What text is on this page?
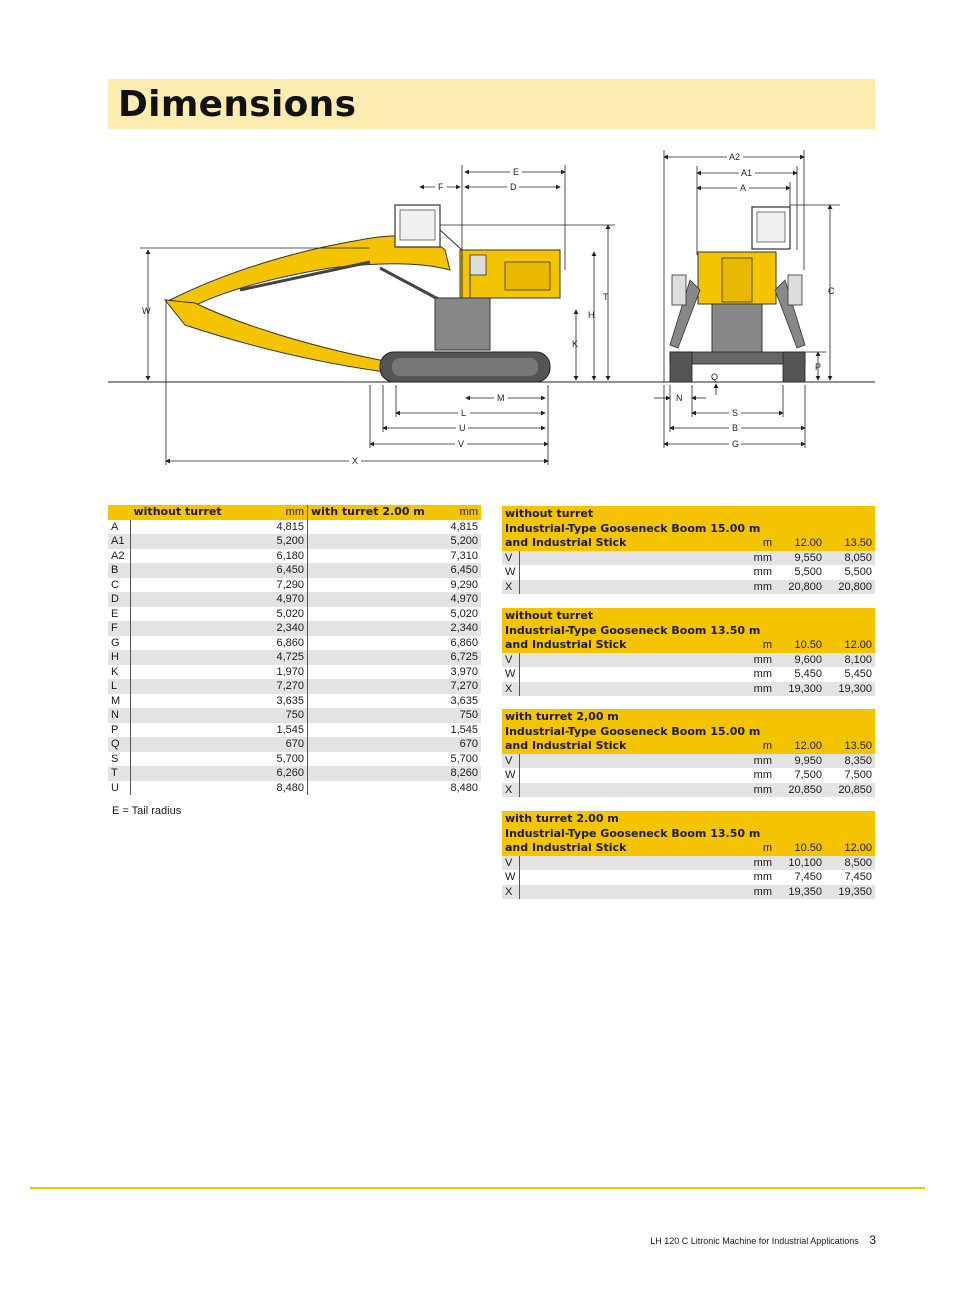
Dimensions
E
F	D
W
T
H
K
M
L
U
V
X
A2
A1
A
C
P
Q
N
S
B
G
	without turret mm	with turret 2.00 m mm

A	4,815	4,815
A1	5,200	5,200
A2	6,180	7,310
B	6,450	6,450
C	7,290	9,290
D	4,970	4,970
E	5,020	5,020
F	2,340	2,340
G	6,860	6,860
H	4,725	6,725
K	1,970	3,970
L	7,270	7,270
M	3,635	3,635
N	750	750
P	1,545	1,545
Q	670	670
S	5,700	5,700
T	6,260	8,260
U	8,480	8,480
E = Tail radius
without turret
Industrial-Type Gooseneck Boom 15.00 m
and Industrial Stick	m	12.00	13.50
V	mm	9,550	8,050
W	mm	5,500	5,500
X	mm	20,800	20,800
without turret
Industrial-Type Gooseneck Boom 13.50 m
and Industrial Stick	m	10.50	12.00
V	mm	9,600	8,100
W	mm	5,450	5,450
X	mm	19,300	19,300
with turret 2,00 m
Industrial-Type Gooseneck Boom 15.00 m
and Industrial Stick	m	12.00	13.50
V	mm	9,950	8,350
W	mm	7,500	7,500
X	mm	20,850	20,850
with turret 2.00 m
Industrial-Type Gooseneck Boom 13.50 m
and Industrial Stick	m	10.50	12.00
V	mm	10,100	8,500
W	mm	7,450	7,450
X	mm	19,350	19,350
LH 120 C Litronic Machine for Industrial Applications 3
